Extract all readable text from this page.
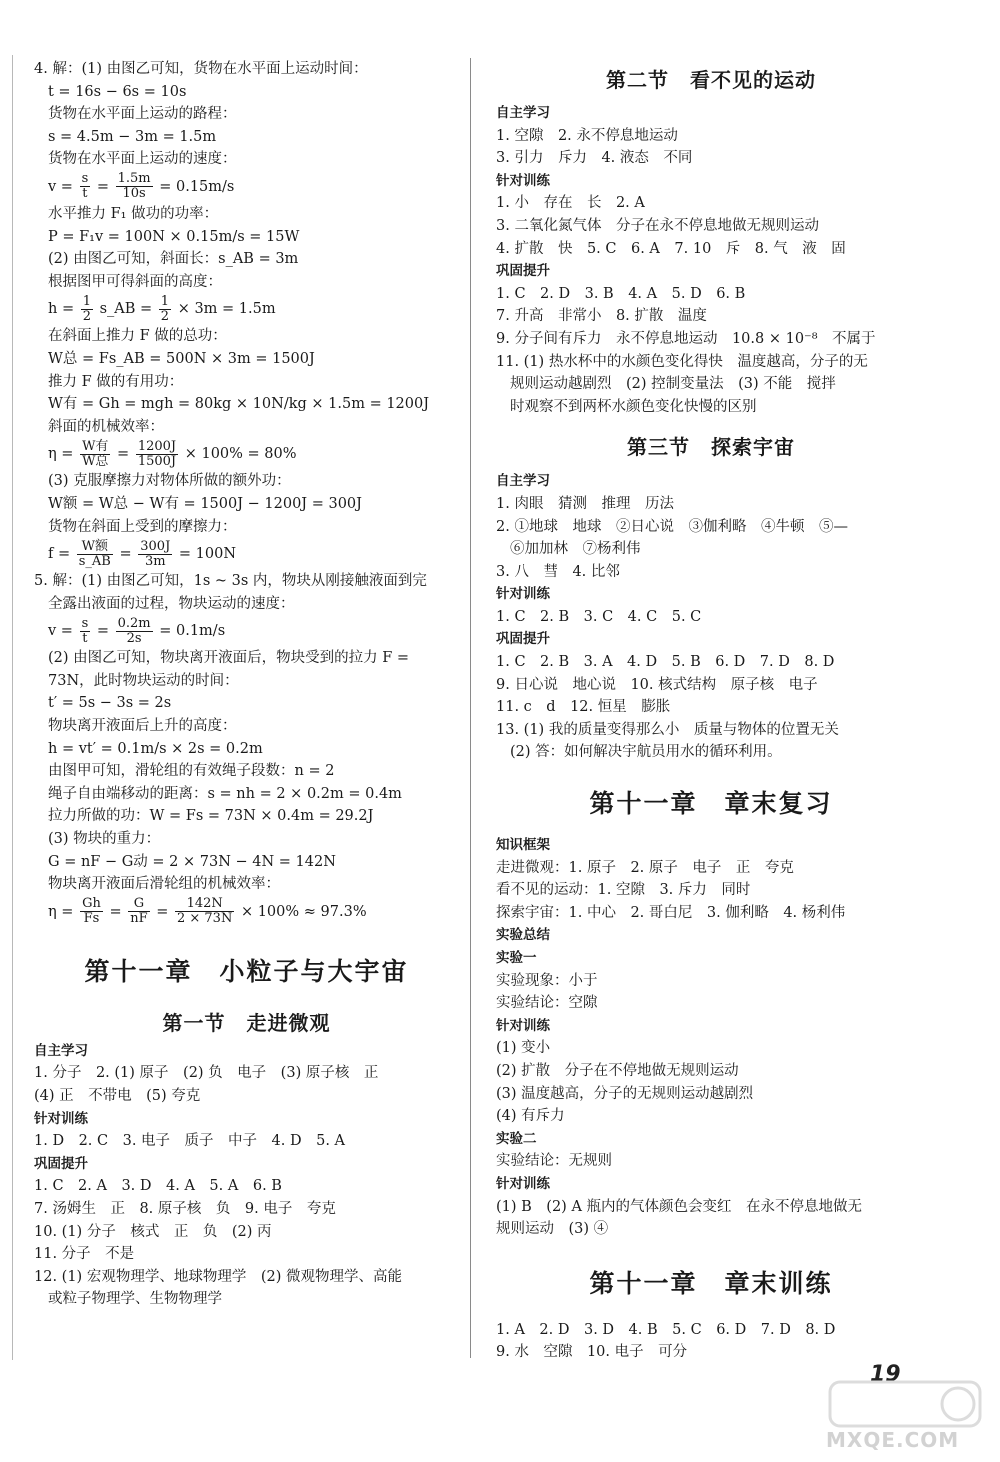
4. 解：(1) 由图乙可知，货物在水平面上运动时间：
t = 16s − 6s = 10s
货物在水平面上运动的路程：
s = 4.5m − 3m = 1.5m
货物在水平面上运动的速度：
$v = \frac{s}{t} = \frac{1.5m}{10s} = 0.15m/s$
水平推力 F₁ 做功的功率：
P = F₁v = 100N × 0.15m/s = 15W
(2) 由图乙可知，斜面长：s_AB = 3m
根据图甲可得斜面的高度：
$h = \frac{1}{2}$ s_AB = $\frac{1}{2} \times 3m = 1.5m$
在斜面上推力 F 做的总功：
W总 = Fs_AB = 500N × 3m = 1500J
推力 F 做的有用功：
W有 = Gh = mgh = 80kg × 10N/kg × 1.5m = 1200J
斜面的机械效率：
$\eta = \frac{\text{W有}}{\text{W总}} = \frac{1200J}{1500J} \times 100\% = 80\%$
(3) 克服摩擦力对物体所做的额外功：
W额 = W总 − W有 = 1500J − 1200J = 300J
货物在斜面上受到的摩擦力：
$f = \frac{\text{W额}}{s\_AB} = \frac{300J}{3m} = 100N$
5. 解：(1) 由图乙可知，1s ~ 3s 内，物块从刚接触液面到完
全露出液面的过程，物块运动的速度：
$v = \frac{s}{t} = \frac{0.2m}{2s} = 0.1m/s$
(2) 由图乙可知，物块离开液面后，物块受到的拉力 F =
73N，此时物块运动的时间：
t′ = 5s − 3s = 2s
物块离开液面后上升的高度：
h = vt′ = 0.1m/s × 2s = 0.2m
由图甲可知，滑轮组的有效绳子段数：n = 2
绳子自由端移动的距离：s = nh = 2 × 0.2m = 0.4m
拉力所做的功：W = Fs = 73N × 0.4m = 29.2J
(3) 物块的重力：
G = nF − G动 = 2 × 73N − 4N = 142N
物块离开液面后滑轮组的机械效率：
$\eta = \frac{Gh}{Fs} = \frac{G}{nF} = \frac{142N}{2 \times 73N} \times 100\% \approx 97.3\%$
第十一章　小粒子与大宇宙
第一节　走进微观
自主学习
1. 分子　2. (1) 原子　(2) 负　电子　(3) 原子核　正
(4) 正　不带电　(5) 夸克
针对训练
1. D　2. C　3. 电子　质子　中子　4. D　5. A
巩固提升
1. C　2. A　3. D　4. A　5. A　6. B
7. 汤姆生　正　8. 原子核　负　9. 电子　夸克
10. (1) 分子　核式　正　负　(2) 丙
11. 分子　不是
12. (1) 宏观物理学、地球物理学　(2) 微观物理学、高能
或粒子物理学、生物物理学
第二节　看不见的运动
自主学习
1. 空隙　2. 永不停息地运动
3. 引力　斥力　4. 液态　不同
针对训练
1. 小　存在　长　2. A
3. 二氧化氮气体　分子在永不停息地做无规则运动
4. 扩散　快　5. C　6. A　7. 10　斥　8. 气　液　固
巩固提升
1. C　2. D　3. B　4. A　5. D　6. B
7. 升高　非常小　8. 扩散　温度
9. 分子间有斥力　永不停息地运动　10.8 × 10⁻⁸　不属于
11. (1) 热水杯中的水颜色变化得快　温度越高，分子的无
规则运动越剧烈　(2) 控制变量法　(3) 不能　搅拌
时观察不到两杯水颜色变化快慢的区别
第三节　探索宇宙
自主学习
1. 肉眼　猜测　推理　历法
2. ①地球　地球　②日心说　③伽利略　④牛顿　⑤—
⑥加加林　⑦杨利伟
3. 八　彗　4. 比邻
针对训练
1. C　2. B　3. C　4. C　5. C
巩固提升
1. C　2. B　3. A　4. D　5. B　6. D　7. D　8. D
9. 日心说　地心说　10. 核式结构　原子核　电子
11. c　d　12. 恒星　膨胀
13. (1) 我的质量变得那么小　质量与物体的位置无关
(2) 答：如何解决宇航员用水的循环利用。
第十一章　章末复习
知识框架
走进微观：1. 原子　2. 原子　电子　正　夸克
看不见的运动：1. 空隙　3. 斥力　同时
探索宇宙：1. 中心　2. 哥白尼　3. 伽利略　4. 杨利伟
实验总结
实验一
实验现象：小于
实验结论：空隙
针对训练
(1) 变小
(2) 扩散　分子在不停地做无规则运动
(3) 温度越高，分子的无规则运动越剧烈
(4) 有斥力
实验二
实验结论：无规则
针对训练
(1) B　(2) A 瓶内的气体颜色会变红　在永不停息地做无
规则运动　(3) ④
第十一章　章末训练
1. A　2. D　3. D　4. B　5. C　6. D　7. D　8. D
9. 水　空隙　10. 电子　可分
19
MXQE.COM
